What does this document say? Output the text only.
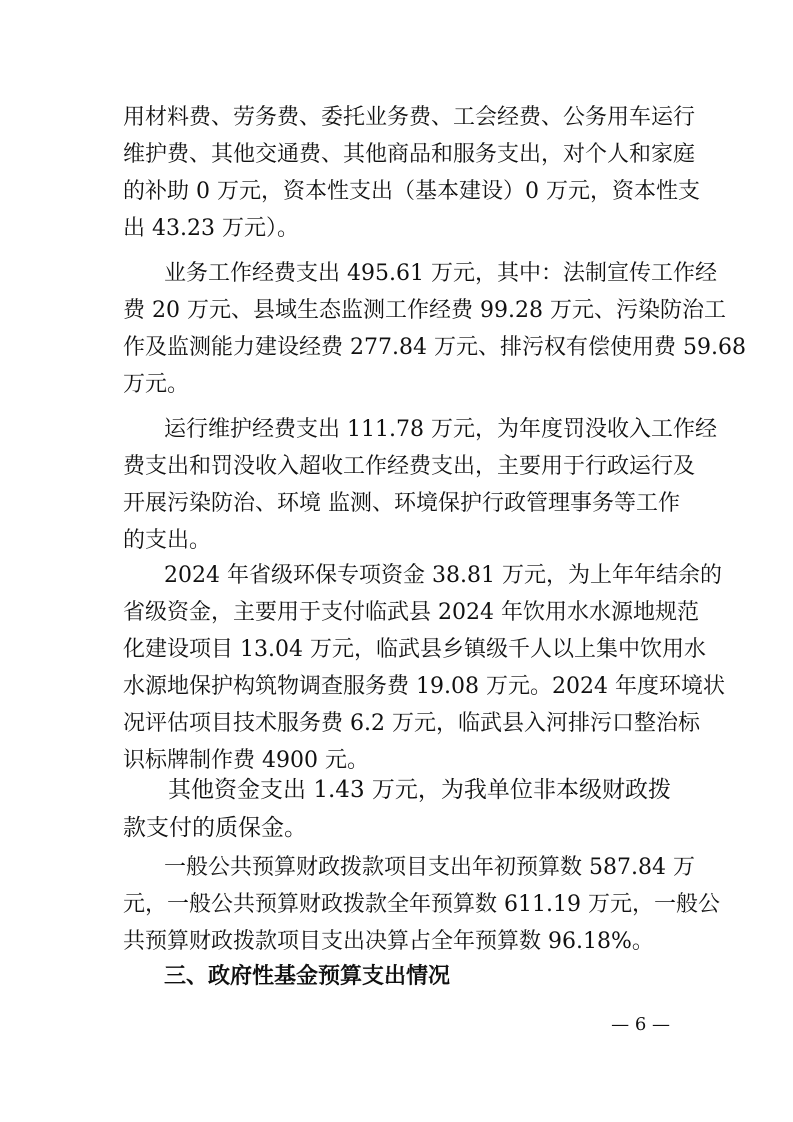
用材料费、劳务费、委托业务费、工会经费、公务用车运行
维护费、其他交通费、其他商品和服务支出，对个人和家庭
的补助 0 万元，资本性支出（基本建设）0 万元，资本性支
出 43.23 万元）。
业务工作经费支出 495.61 万元，其中：法制宣传工作经
费 20 万元、县域生态监测工作经费 99.28 万元、污染防治工
作及监测能力建设经费 277.84 万元、排污权有偿使用费 59.68
万元。
运行维护经费支出 111.78 万元，为年度罚没收入工作经
费支出和罚没收入超收工作经费支出，主要用于行政运行及
开展污染防治、环境 监测、环境保护行政管理事务等工作
的支出。
2024 年省级环保专项资金 38.81 万元，为上年年结余的
省级资金，主要用于支付临武县 2024 年饮用水水源地规范
化建设项目 13.04 万元，临武县乡镇级千人以上集中饮用水
水源地保护构筑物调查服务费 19.08 万元。2024 年度环境状
况评估项目技术服务费 6.2 万元，临武县入河排污口整治标
识标牌制作费 4900 元。
其他资金支出 1.43 万元，为我单位非本级财政拨
款支付的质保金。
一般公共预算财政拨款项目支出年初预算数 587.84 万
元，一般公共预算财政拨款全年预算数 611.19 万元，一般公
共预算财政拨款项目支出决算占全年预算数 96.18%。
三、政府性基金预算支出情况
— 6 —
